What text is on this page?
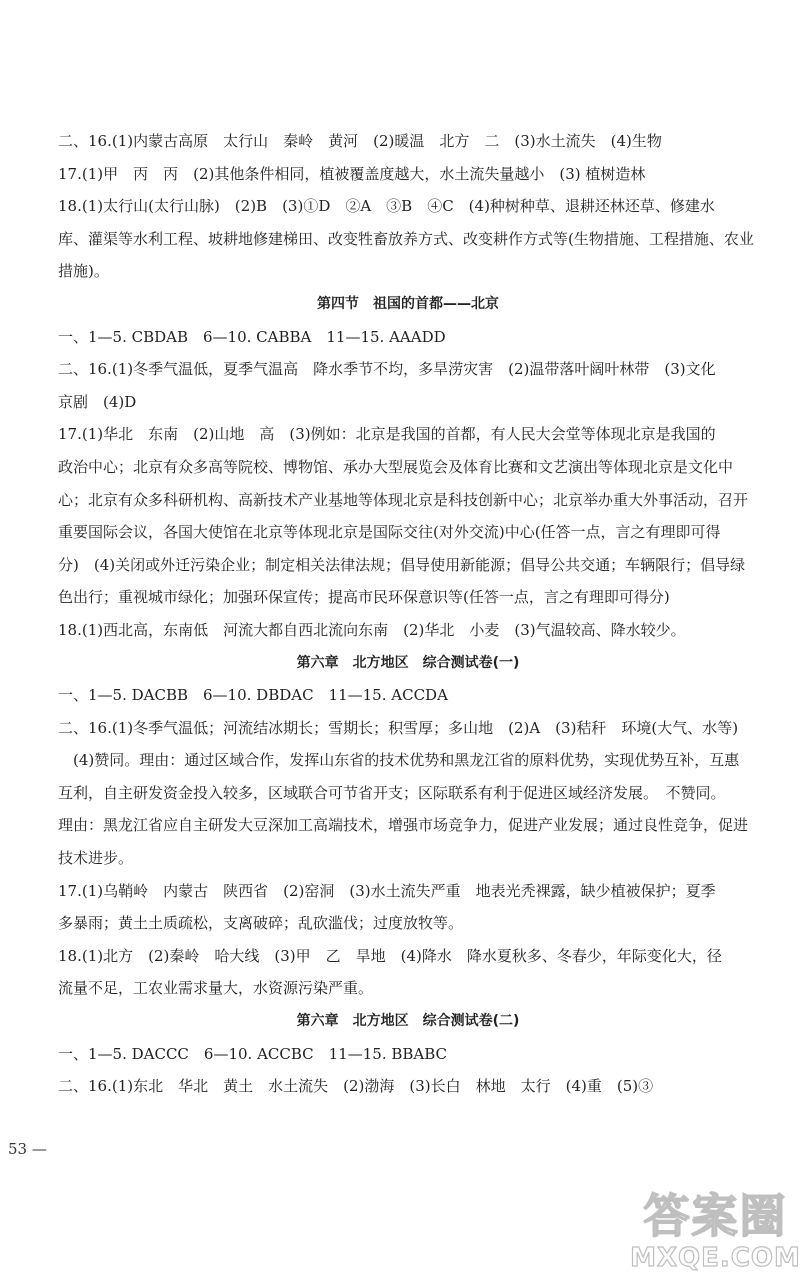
二、16.(1)内蒙古高原　太行山　秦岭　黄河　(2)暖温　北方　二　(3)水土流失　(4)生物
17.(1)甲　丙　丙　(2)其他条件相同，植被覆盖度越大，水土流失量越小　(3) 植树造林
18.(1)太行山(太行山脉)　(2)B　(3)①D　②A　③B　④C　(4)种树种草、退耕还林还草、修建水
库、灌渠等水利工程、坡耕地修建梯田、改变牲畜放养方式、改变耕作方式等(生物措施、工程措施、农业
措施)。
第四节　祖国的首都——北京
一、1—5. CBDAB　6—10. CABBA　11—15. AAADD
二、16.(1)冬季气温低，夏季气温高　降水季节不均，多旱涝灾害　(2)温带落叶阔叶林带　(3)文化
京剧　(4)D
17.(1)华北　东南　(2)山地　高　(3)例如：北京是我国的首都，有人民大会堂等体现北京是我国的
政治中心；北京有众多高等院校、博物馆、承办大型展览会及体育比赛和文艺演出等体现北京是文化中
心；北京有众多科研机构、高新技术产业基地等体现北京是科技创新中心；北京举办重大外事活动，召开
重要国际会议，各国大使馆在北京等体现北京是国际交往(对外交流)中心(任答一点，言之有理即可得
分)　(4)关闭或外迁污染企业；制定相关法律法规；倡导使用新能源；倡导公共交通；车辆限行；倡导绿
色出行；重视城市绿化；加强环保宣传；提高市民环保意识等(任答一点，言之有理即可得分)
18.(1)西北高，东南低　河流大都自西北流向东南　(2)华北　小麦　(3)气温较高、降水较少。
第六章　北方地区　综合测试卷(一)
一、1—5. DACBB　6—10. DBDAC　11—15. ACCDA
二、16.(1)冬季气温低；河流结冰期长；雪期长；积雪厚；多山地　(2)A　(3)秸秆　环境(大气、水等)
　(4)赞同。理由：通过区域合作，发挥山东省的技术优势和黑龙江省的原料优势，实现优势互补，互惠
互利，自主研发资金投入较多，区域联合可节省开支；区际联系有利于促进区域经济发展。　不赞同。
理由：黑龙江省应自主研发大豆深加工高端技术，增强市场竞争力，促进产业发展；通过良性竞争，促进
技术进步。
17.(1)乌鞘岭　内蒙古　陕西省　(2)窑洞　(3)水土流失严重　地表光秃裸露，缺少植被保护；夏季
多暴雨；黄土土质疏松，支离破碎；乱砍滥伐；过度放牧等。
18.(1)北方　(2)秦岭　哈大线　(3)甲　乙　旱地　(4)降水　降水夏秋多、冬春少，年际变化大，径
流量不足，工农业需求量大，水资源污染严重。
第六章　北方地区　综合测试卷(二)
一、1—5. DACCC　6—10. ACCBC　11—15. BBABC
二、16.(1)东北　华北　黄土　水土流失　(2)渤海　(3)长白　林地　太行　(4)重　(5)③
53 —
答案圈
MXQE.COM
